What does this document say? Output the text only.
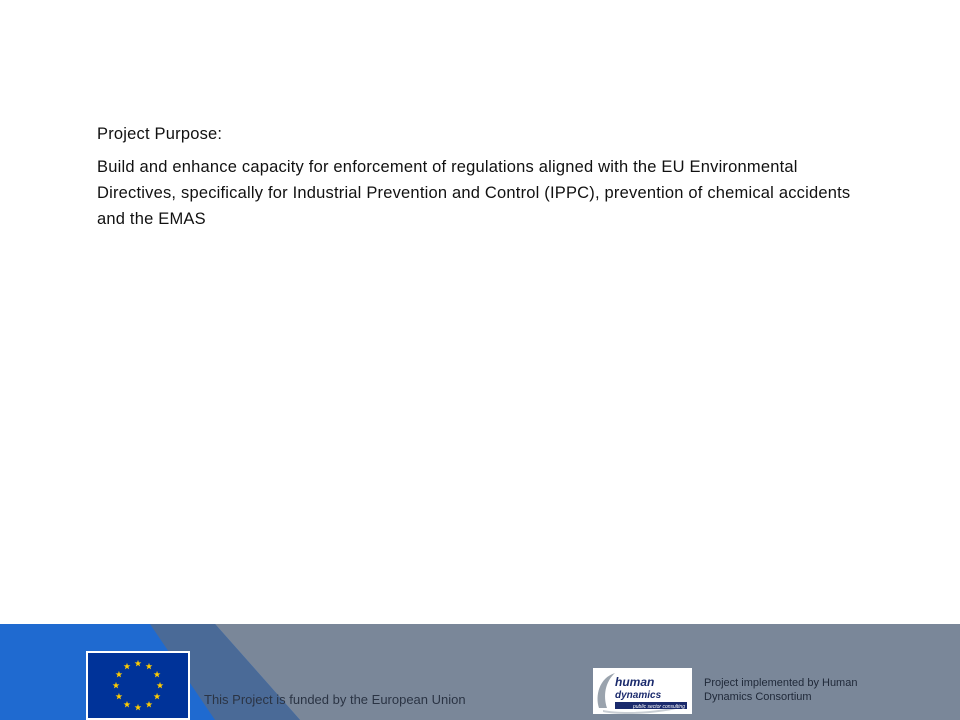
Project Purpose:

Build and enhance capacity for enforcement of regulations aligned with the EU Environmental Directives, specifically for Industrial Prevention and Control (IPPC), prevention of chemical accidents and the EMAS

This Project is funded by the European Union
human
dynamics
public sector consulting
Project implemented by Human Dynamics Consortium
